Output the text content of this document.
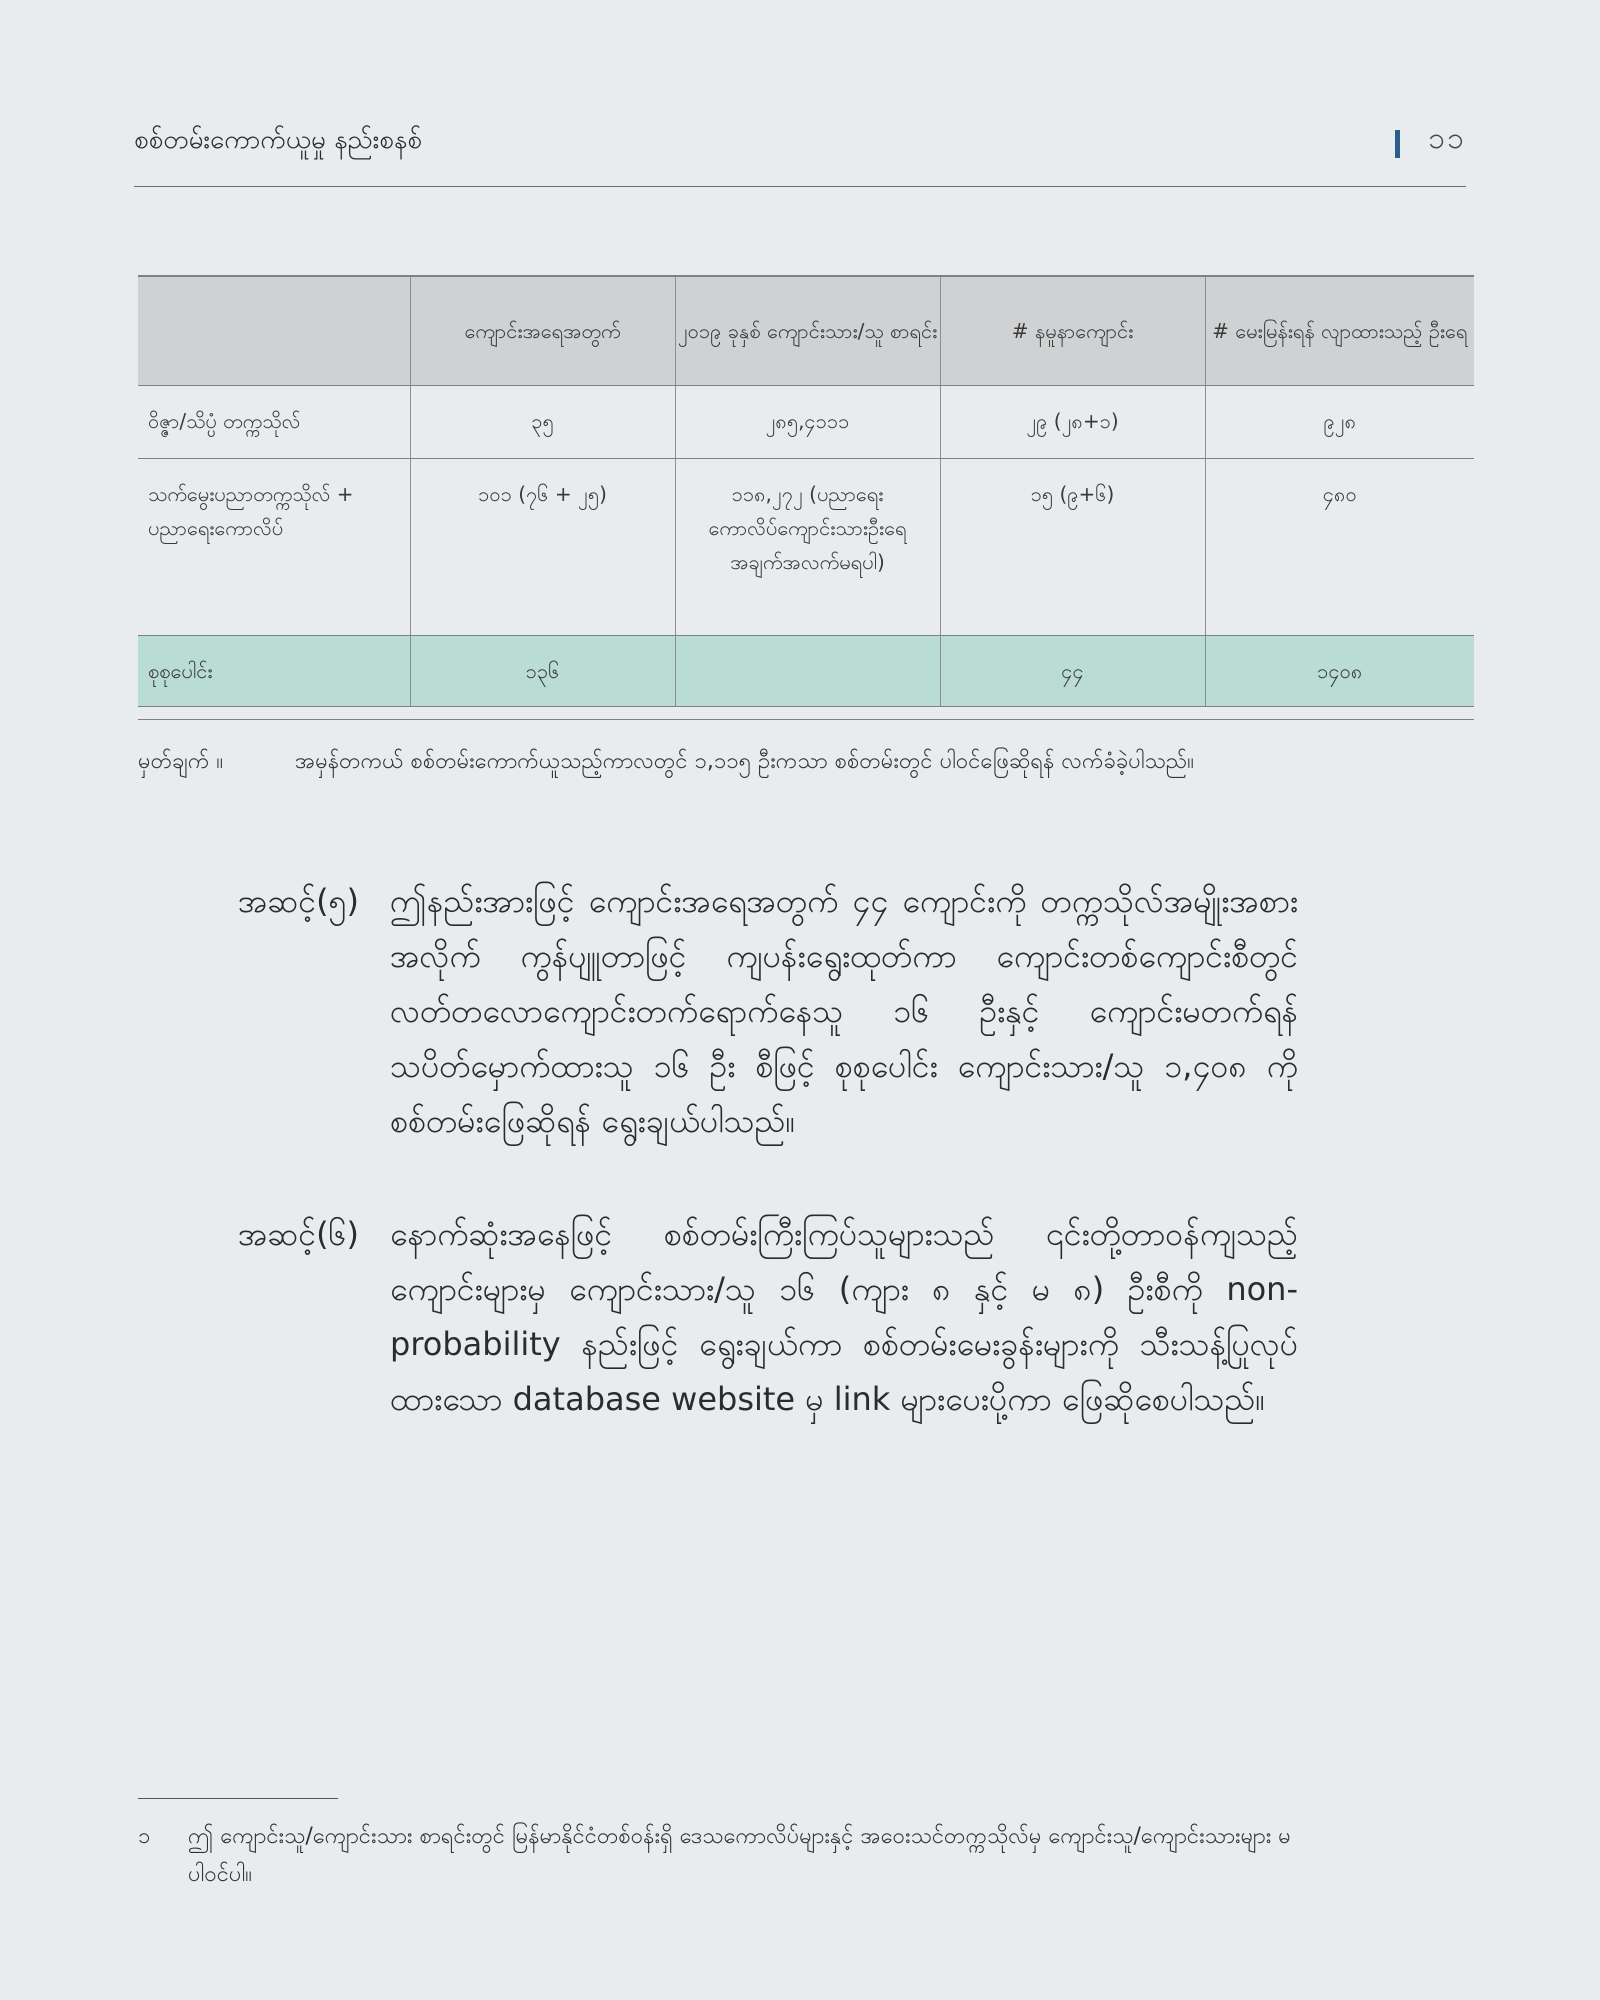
စစ်တမ်းကောက်ယူမှု နည်းစနစ်	၁၁
	ကျောင်းအရေအတွက်	၂၀၁၉ ခုနှစ် ကျောင်းသား/သူ စာရင်း	# နမူနာကျောင်း	# မေးမြန်းရန် လျာထားသည့် ဦးရေ
ဝိဇ္ဇာ/သိပ္ပံ တက္ကသိုလ်	၃၅	၂၈၅,၄၁၁၁	၂၉ (၂၈+၁)	၉၂၈
သက်မွေးပညာတက္ကသိုလ် + ပညာရေးကောလိပ်	၁၀၁ (၇၆ + ၂၅)	၁၁၈,၂၇၂ (ပညာရေး ကောလိပ်ကျောင်းသားဦးရေ အချက်အလက်မရပါ)	၁၅ (၉+၆)	၄၈၀
စုစုပေါင်း	၁၃၆		၄၄	၁၄၀၈
မှတ်ချက် ။	အမှန်တကယ် စစ်တမ်းကောက်ယူသည့်ကာလတွင် ၁,၁၁၅ ဦးကသာ စစ်တမ်းတွင် ပါဝင်ဖြေဆိုရန် လက်ခံခဲ့ပါသည်။
အဆင့်(၅) ဤနည်းအားဖြင့် ကျောင်းအရေအတွက် ၄၄ ကျောင်းကို တက္ကသိုလ်အမျိုးအစားအလိုက် ကွန်ပျူတာဖြင့် ကျပန်းရွေးထုတ်ကာ ကျောင်းတစ်ကျောင်းစီတွင် လတ်တလောကျောင်းတက်ရောက်နေသူ ၁၆ ဦးနှင့် ကျောင်းမတက်ရန် သပိတ်မှောက်ထားသူ ၁၆ ဦး စီဖြင့် စုစုပေါင်း ကျောင်းသား/သူ ၁,၄၀၈ ကို စစ်တမ်းဖြေဆိုရန် ရွေးချယ်ပါသည်။
အဆင့်(၆) နောက်ဆုံးအနေဖြင့် စစ်တမ်းကြီးကြပ်သူများသည် ၎င်းတို့တာဝန်ကျသည့် ကျောင်းများမှ ကျောင်းသား/သူ ၁၆ (ကျား ၈ နှင့် မ ၈) ဦးစီကို non-probability နည်းဖြင့် ရွေးချယ်ကာ စစ်တမ်းမေးခွန်းများကို သီးသန့်ပြုလုပ်ထားသော database website မှ link များပေးပို့ကာ ဖြေဆိုစေပါသည်။
၁	ဤ ကျောင်းသူ/ကျောင်းသား စာရင်းတွင် မြန်မာနိုင်ငံတစ်ဝန်းရှိ ဒေသကောလိပ်များနှင့် အဝေးသင်တက္ကသိုလ်မှ ကျောင်းသူ/ကျောင်းသားများ မပါဝင်ပါ။
